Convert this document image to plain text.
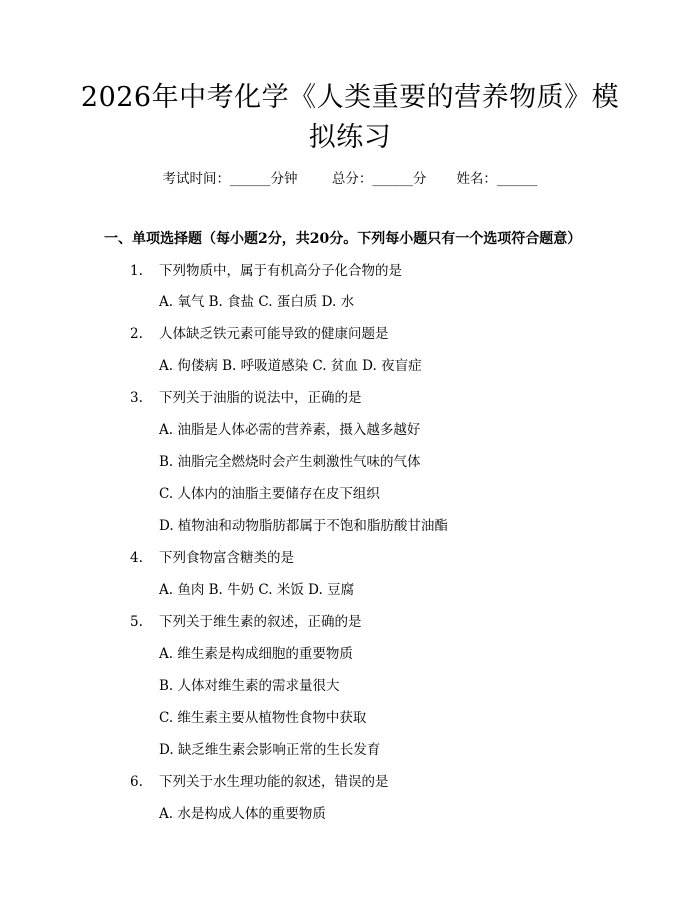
2026年中考化学《人类重要的营养物质》模拟练习
考试时间：______分钟	总分：______分 姓名：______
一、单项选择题（每小题2分，共20分。下列每小题只有一个选项符合题意）
1.	下列物质中，属于有机高分子化合物的是
A. 氧气 B. 食盐 C. 蛋白质 D. 水
2.	人体缺乏铁元素可能导致的健康问题是
A. 佝偻病 B. 呼吸道感染 C. 贫血 D. 夜盲症
3.	下列关于油脂的说法中，正确的是
A. 油脂是人体必需的营养素，摄入越多越好
B. 油脂完全燃烧时会产生刺激性气味的气体
C. 人体内的油脂主要储存在皮下组织
D. 植物油和动物脂肪都属于不饱和脂肪酸甘油酯
4.	下列食物富含糖类的是
A. 鱼肉 B. 牛奶 C. 米饭 D. 豆腐
5.	下列关于维生素的叙述，正确的是
A. 维生素是构成细胞的重要物质
B. 人体对维生素的需求量很大
C. 维生素主要从植物性食物中获取
D. 缺乏维生素会影响正常的生长发育
6.	下列关于水生理功能的叙述，错误的是
A. 水是构成人体的重要物质
